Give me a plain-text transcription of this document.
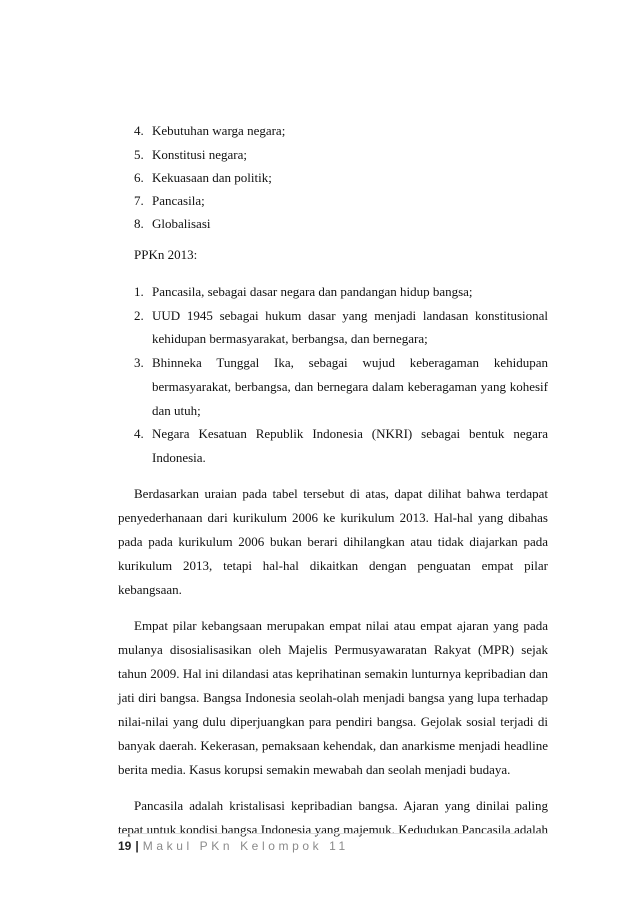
4. Kebutuhan warga negara;
5. Konstitusi negara;
6. Kekuasaan dan politik;
7. Pancasila;
8. Globalisasi
PPKn 2013:
1. Pancasila, sebagai dasar negara dan pandangan hidup bangsa;
2. UUD 1945 sebagai hukum dasar yang menjadi landasan konstitusional
kehidupan bermasyarakat, berbangsa, dan bernegara;
3. Bhinneka Tunggal Ika, sebagai wujud keberagaman kehidupan
bermasyarakat, berbangsa, dan bernegara dalam keberagaman yang kohesif
dan utuh;
4. Negara Kesatuan Republik Indonesia (NKRI) sebagai bentuk negara
Indonesia.
Berdasarkan uraian pada tabel tersebut di atas, dapat dilihat bahwa terdapat
penyederhanaan dari kurikulum 2006 ke kurikulum 2013. Hal-hal yang dibahas
pada pada kurikulum 2006 bukan berari dihilangkan atau tidak diajarkan pada
kurikulum 2013, tetapi hal-hal dikaitkan dengan penguatan empat pilar
kebangsaan.
Empat pilar kebangsaan merupakan empat nilai atau empat ajaran yang pada
mulanya disosialisasikan oleh Majelis Permusyawaratan Rakyat (MPR) sejak
tahun 2009. Hal ini dilandasi atas keprihatinan semakin lunturnya kepribadian dan
jati diri bangsa. Bangsa Indonesia seolah-olah menjadi bangsa yang lupa terhadap
nilai-nilai yang dulu diperjuangkan para pendiri bangsa. Gejolak sosial terjadi di
banyak daerah. Kekerasan, pemaksaan kehendak, dan anarkisme menjadi headline
berita media. Kasus korupsi semakin mewabah dan seolah menjadi budaya.
Pancasila adalah kristalisasi kepribadian bangsa. Ajaran yang dinilai paling
tepat untuk kondisi bangsa Indonesia yang majemuk. Kedudukan Pancasila adalah
19 | Makul PKn Kelompok 11
